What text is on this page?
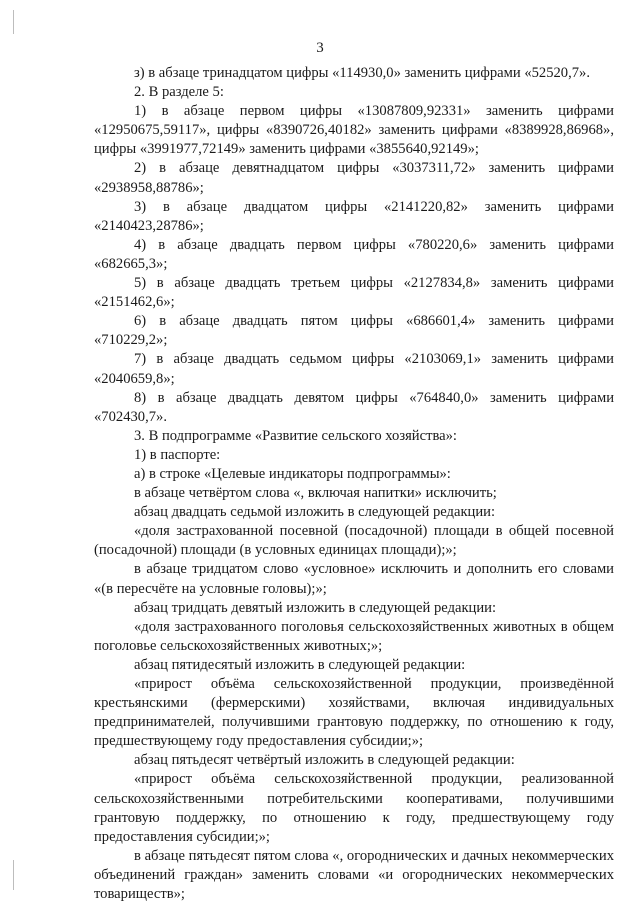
3

з) в абзаце тринадцатом цифры «114930,0» заменить цифрами «52520,7».

2. В разделе 5:

1) в абзаце первом цифры «13087809,92331» заменить цифрами «12950675,59117», цифры «8390726,40182» заменить цифрами «8389928,86968», цифры «3991977,72149» заменить цифрами «3855640,92149»;

2) в абзаце девятнадцатом цифры «3037311,72» заменить цифрами «2938958,88786»;

3) в абзаце двадцатом цифры «2141220,82» заменить цифрами «2140423,28786»;

4) в абзаце двадцать первом цифры «780220,6» заменить цифрами «682665,3»;

5) в абзаце двадцать третьем цифры «2127834,8» заменить цифрами «2151462,6»;

6) в абзаце двадцать пятом цифры «686601,4» заменить цифрами «710229,2»;

7) в абзаце двадцать седьмом цифры «2103069,1» заменить цифрами «2040659,8»;

8) в абзаце двадцать девятом цифры «764840,0» заменить цифрами «702430,7».

3. В подпрограмме «Развитие сельского хозяйства»:

1) в паспорте:

а) в строке «Целевые индикаторы подпрограммы»:

в абзаце четвёртом слова «, включая напитки» исключить;

абзац двадцать седьмой изложить в следующей редакции:

«доля застрахованной посевной (посадочной) площади в общей посевной (посадочной) площади (в условных единицах площади);»;

в абзаце тридцатом слово «условное» исключить и дополнить его словами «(в пересчёте на условные головы);»;

абзац тридцать девятый изложить в следующей редакции:

«доля застрахованного поголовья сельскохозяйственных животных в общем поголовье сельскохозяйственных животных;»;

абзац пятидесятый изложить в следующей редакции:

«прирост объёма сельскохозяйственной продукции, произведённой крестьянскими (фермерскими) хозяйствами, включая индивидуальных предпринимателей, получившими грантовую поддержку, по отношению к году, предшествующему году предоставления субсидии;»;

абзац пятьдесят четвёртый изложить в следующей редакции:

«прирост объёма сельскохозяйственной продукции, реализованной сельскохозяйственными потребительскими кооперативами, получившими грантовую поддержку, по отношению к году, предшествующему году предоставления субсидии;»;

в абзаце пятьдесят пятом слова «, огороднических и дачных некоммерческих объединений граждан» заменить словами «и огороднических некоммерческих товариществ»;
